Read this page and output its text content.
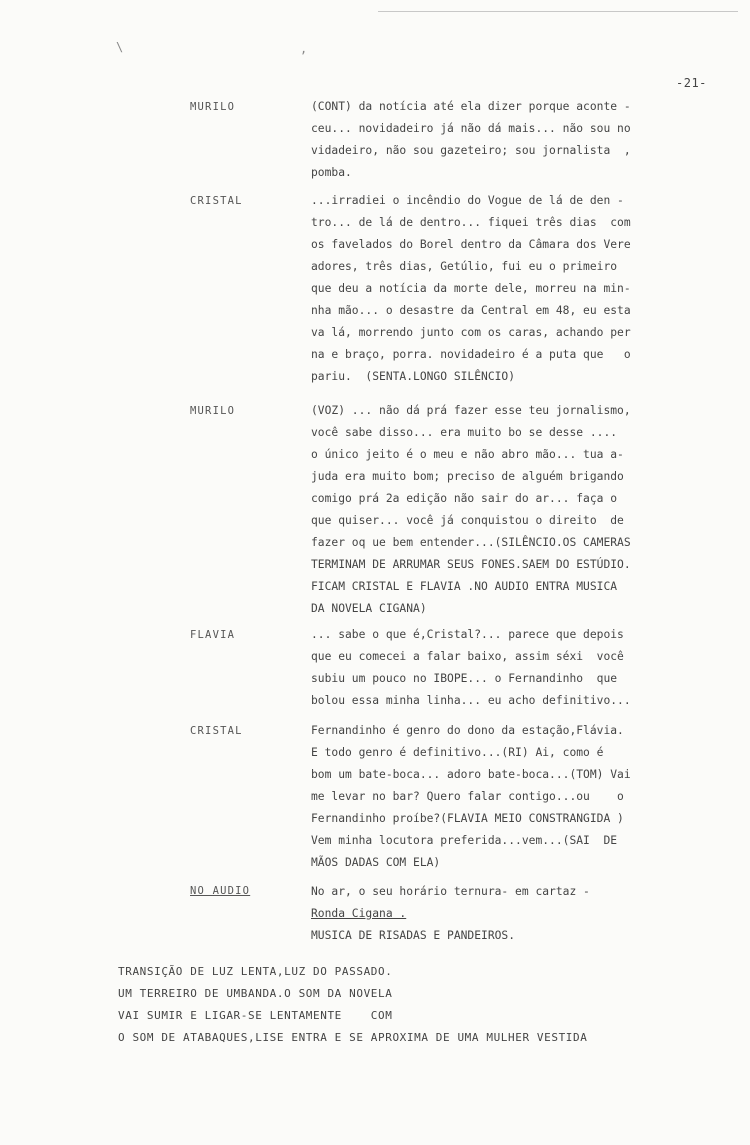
\	,
-21-
MURILO	(CONT) da notícia até ela dizer porque aconte -
ceu... novidadeiro já não dá mais... não sou no
vidadeiro, não sou gazeteiro; sou jornalista  ,
pomba.
CRISTAL	...irradiei o incêndio do Vogue de lá de den -
tro... de lá de dentro... fiquei três dias  com
os favelados do Borel dentro da Câmara dos Vere
adores, três dias, Getúlio, fui eu o primeiro
que deu a notícia da morte dele, morreu na min-
nha mão... o desastre da Central em 48, eu esta
va lá, morrendo junto com os caras, achando per
na e braço, porra. novidadeiro é a puta que   o
pariu.  (SENTA.LONGO SILÊNCIO)
MURILO	(VOZ) ... não dá prá fazer esse teu jornalismo,
você sabe disso... era muito bo se desse ....
o único jeito é o meu e não abro mão... tua a-
juda era muito bom; preciso de alguém brigando
comigo prá 2a edição não sair do ar... faça o
que quiser... você já conquistou o direito  de
fazer oq ue bem entender...(SILÊNCIO.OS CAMERAS
TERMINAM DE ARRUMAR SEUS FONES.SAEM DO ESTÚDIO.
FICAM CRISTAL E FLAVIA .NO AUDIO ENTRA MUSICA
DA NOVELA CIGANA)
FLAVIA	... sabe o que é,Cristal?... parece que depois
que eu comecei a falar baixo, assim séxi  você
subiu um pouco no IBOPE... o Fernandinho  que
bolou essa minha linha... eu acho definitivo...
CRISTAL	Fernandinho é genro do dono da estação,Flávia.
E todo genro é definitivo...(RI) Ai, como é
bom um bate-boca... adoro bate-boca...(TOM) Vai
me levar no bar? Quero falar contigo...ou    o
Fernandinho proíbe?(FLAVIA MEIO CONSTRANGIDA )
Vem minha locutora preferida...vem...(SAI  DE
MÃOS DADAS COM ELA)
NO AUDIO	No ar, o seu horário ternura- em cartaz -
Ronda Cigana .
MUSICA DE RISADAS E PANDEIROS.
TRANSIÇÃO DE LUZ LENTA,LUZ DO PASSADO.
UM TERREIRO DE UMBANDA.O SOM DA NOVELA
VAI SUMIR E LIGAR-SE LENTAMENTE    COM
O SOM DE ATABAQUES,LISE ENTRA E SE APROXIMA DE UMA MULHER VESTIDA
